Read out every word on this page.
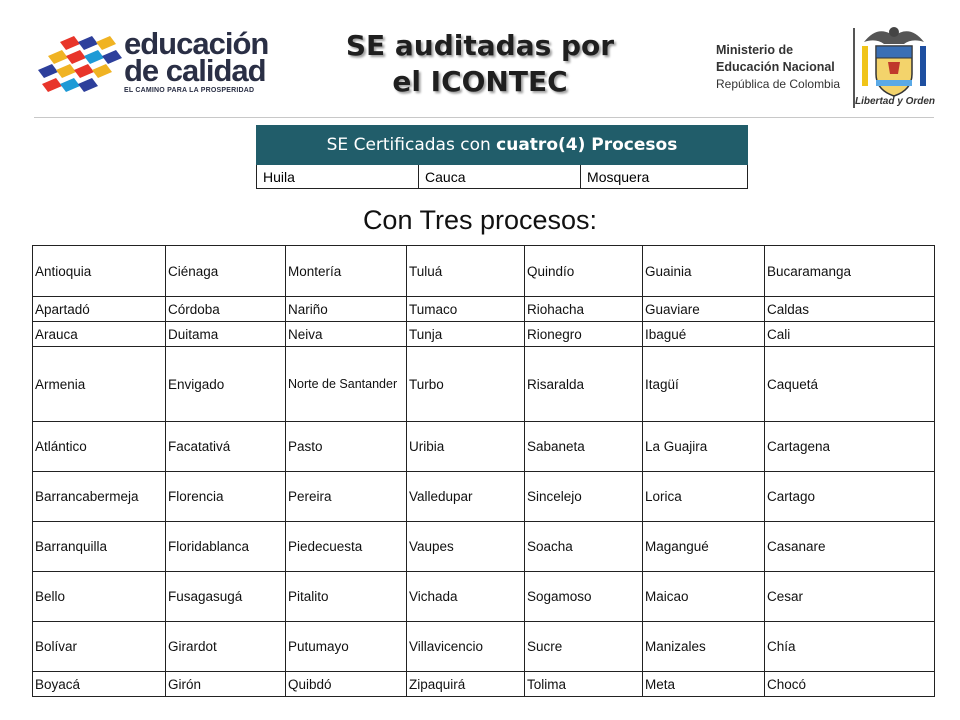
educación
de calidad
EL CAMINO PARA LA PROSPERIDAD
SE auditadas por
el ICONTEC
Ministerio de
Educación Nacional
República de Colombia
Libertad y Orden
SE Certificadas con cuatro(4) Procesos
Huila	Cauca	Mosquera
Con Tres procesos:
Antioquia	Ciénaga	Montería	Tuluá	Quindío	Guainia	Bucaramanga
Apartadó	Córdoba	Nariño	Tumaco	Riohacha	Guaviare	Caldas
Arauca	Duitama	Neiva	Tunja	Rionegro	Ibagué	Cali
Armenia	Envigado	Norte de Santander	Turbo	Risaralda	Itagüí	Caquetá
Atlántico	Facatativá	Pasto	Uribia	Sabaneta	La Guajira	Cartagena
Barrancabermeja	Florencia	Pereira	Valledupar	Sincelejo	Lorica	Cartago
Barranquilla	Floridablanca	Piedecuesta	Vaupes	Soacha	Magangué	Casanare
Bello	Fusagasugá	Pitalito	Vichada	Sogamoso	Maicao	Cesar
Bolívar	Girardot	Putumayo	Villavicencio	Sucre	Manizales	Chía
Boyacá	Girón	Quibdó	Zipaquirá	Tolima	Meta	Chocó
